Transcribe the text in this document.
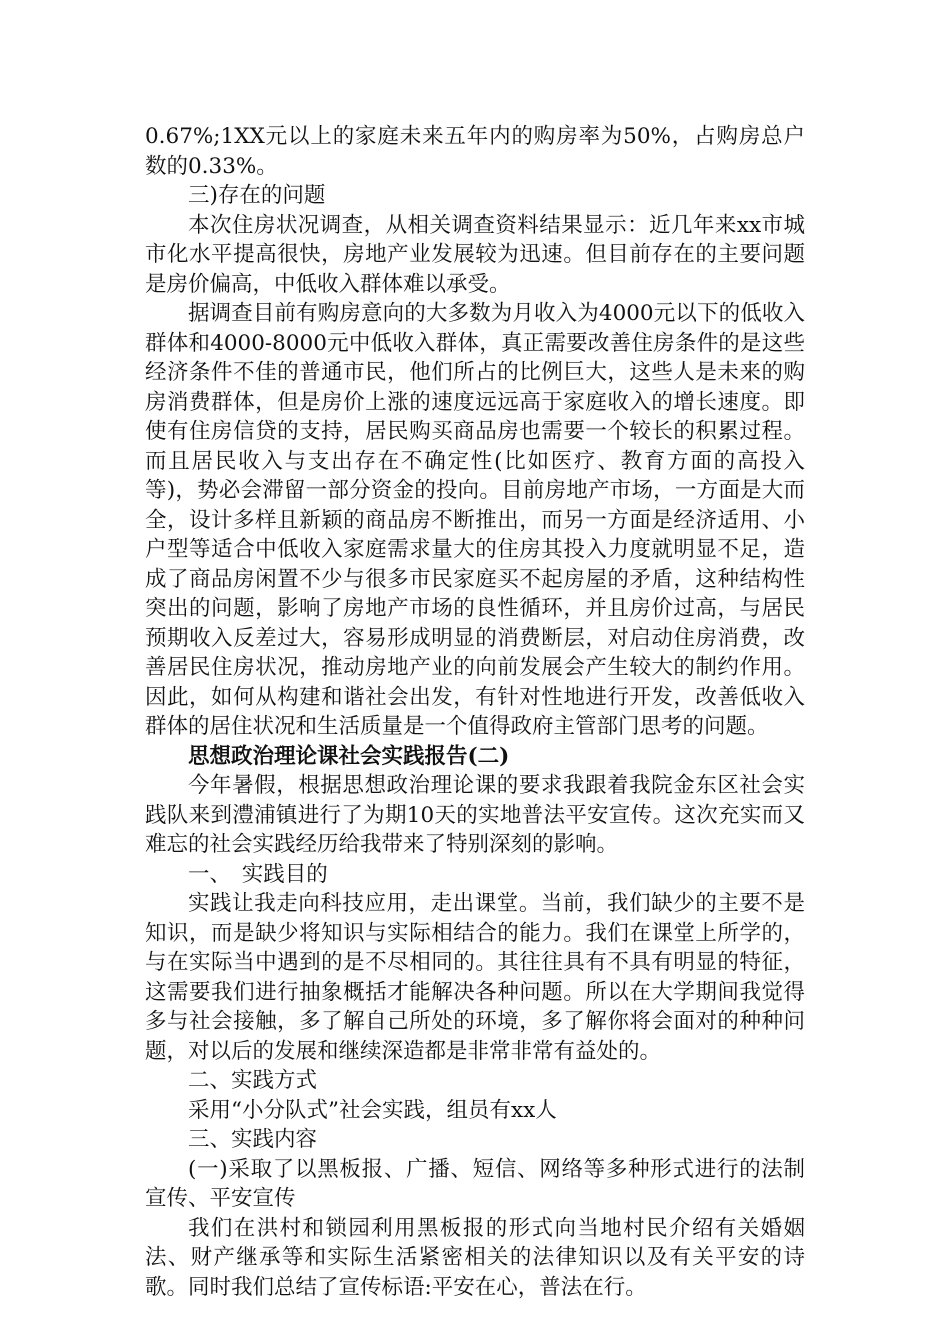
0.67%;1XX元以上的家庭未来五年内的购房率为50%，占购房总户数的0.33%。

三)存在的问题

本次住房状况调查，从相关调查资料结果显示：近几年来xx市城市化水平提高很快，房地产业发展较为迅速。但目前存在的主要问题是房价偏高，中低收入群体难以承受。

据调查目前有购房意向的大多数为月收入为4000元以下的低收入群体和4000-8000元中低收入群体，真正需要改善住房条件的是这些经济条件不佳的普通市民，他们所占的比例巨大，这些人是未来的购房消费群体，但是房价上涨的速度远远高于家庭收入的增长速度。即使有住房信贷的支持，居民购买商品房也需要一个较长的积累过程。而且居民收入与支出存在不确定性(比如医疗、教育方面的高投入等)，势必会滞留一部分资金的投向。目前房地产市场，一方面是大而全，设计多样且新颖的商品房不断推出，而另一方面是经济适用、小户型等适合中低收入家庭需求量大的住房其投入力度就明显不足，造成了商品房闲置不少与很多市民家庭买不起房屋的矛盾，这种结构性突出的问题，影响了房地产市场的良性循环，并且房价过高，与居民预期收入反差过大，容易形成明显的消费断层，对启动住房消费，改善居民住房状况，推动房地产业的向前发展会产生较大的制约作用。因此，如何从构建和谐社会出发，有针对性地进行开发，改善低收入群体的居住状况和生活质量是一个值得政府主管部门思考的问题。

思想政治理论课社会实践报告(二)

今年暑假，根据思想政治理论课的要求我跟着我院金东区社会实践队来到澧浦镇进行了为期10天的实地普法平安宣传。这次充实而又难忘的社会实践经历给我带来了特别深刻的影响。

一、　实践目的

实践让我走向科技应用，走出课堂。当前，我们缺少的主要不是知识，而是缺少将知识与实际相结合的能力。我们在课堂上所学的，与在实际当中遇到的是不尽相同的。其往往具有不具有明显的特征，这需要我们进行抽象概括才能解决各种问题。所以在大学期间我觉得多与社会接触，多了解自己所处的环境，多了解你将会面对的种种问题，对以后的发展和继续深造都是非常非常有益处的。

二、实践方式

采用“小分队式”社会实践，组员有xx人

三、实践内容

(一)采取了以黑板报、广播、短信、网络等多种形式进行的法制宣传、平安宣传

我们在洪村和锁园利用黑板报的形式向当地村民介绍有关婚姻法、财产继承等和实际生活紧密相关的法律知识以及有关平安的诗歌。同时我们总结了宣传标语:平安在心，普法在行。
